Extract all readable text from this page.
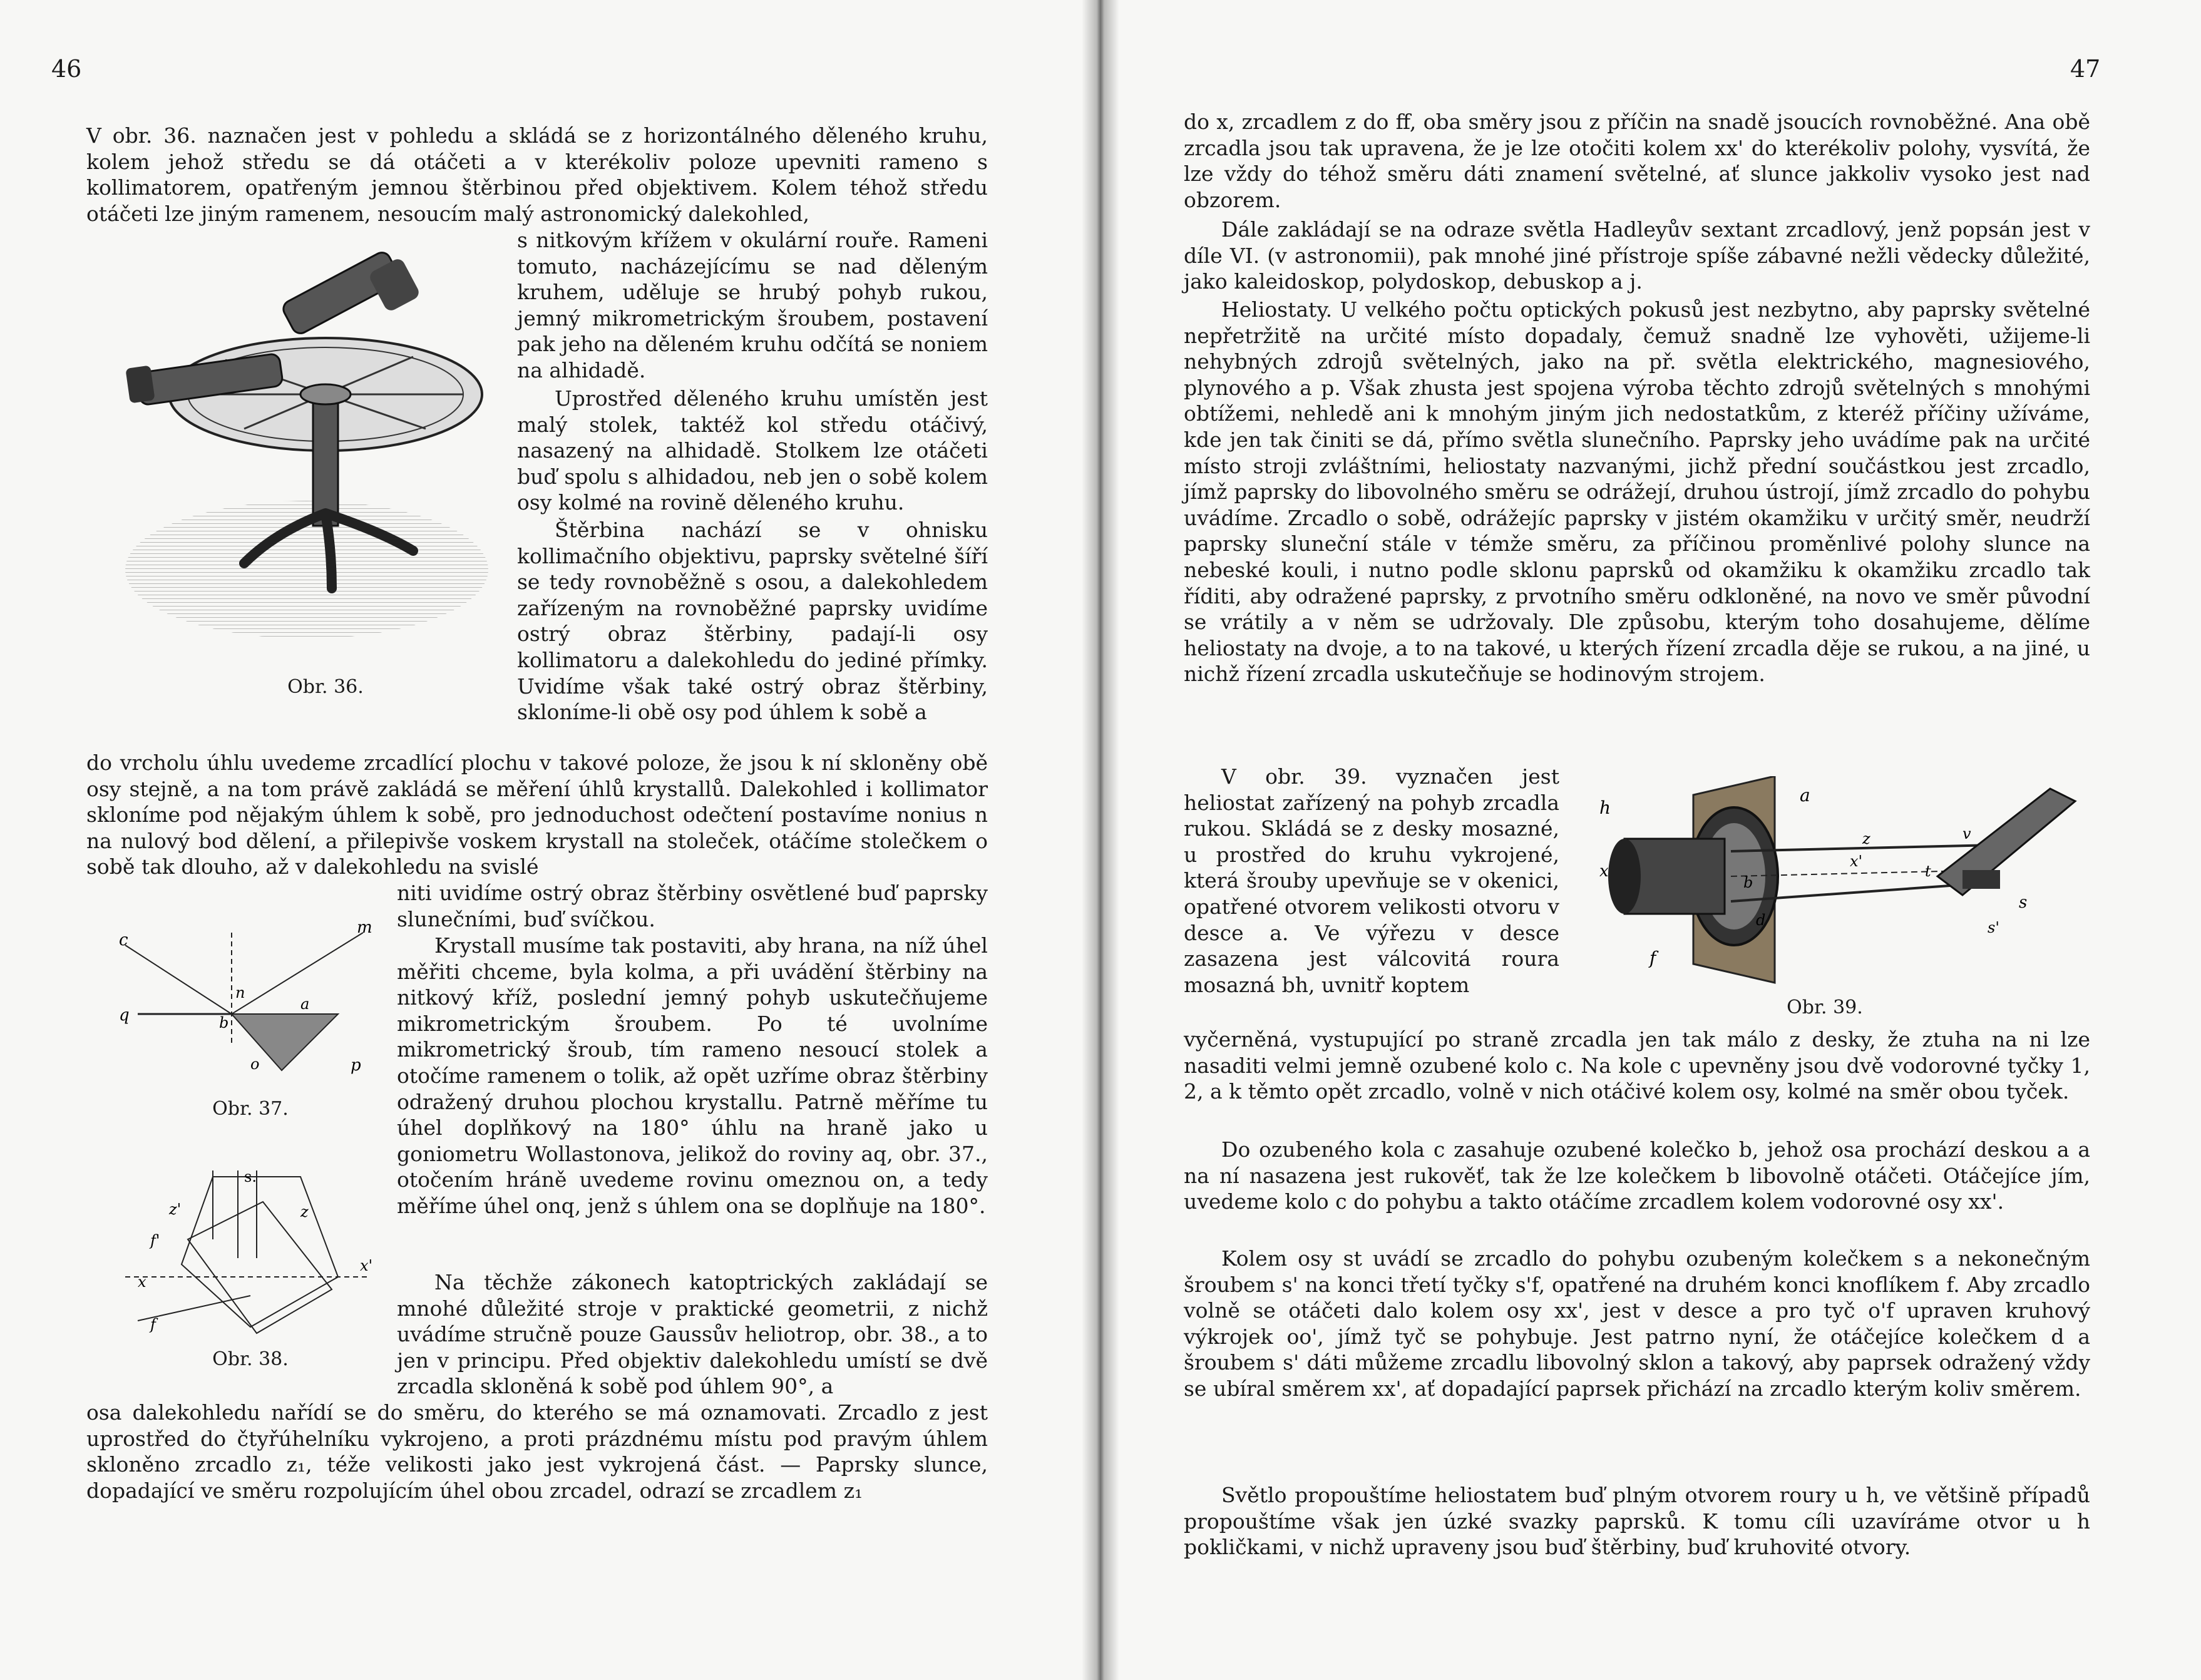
46
V obr. 36. naznačen jest v pohledu a skládá se z horizontálného děleného kruhu, kolem jehož středu se dá otáčeti a v kterékoliv poloze upevniti rameno s kollimatorem, opatřeným jemnou štěrbinou před objektivem. Kolem téhož středu otáčeti lze jiným ramenem, nesoucím malý astronomický dalekohled,
s nitkovým křížem v okulární rouře. Rameni tomuto, nacházejícímu se nad děleným kruhem, uděluje se hrubý pohyb rukou, jemný mikrometrickým šroubem, postavení pak jeho na děleném kruhu odčítá se noniem na alhidadě.
Uprostřed děleného kruhu umístěn jest malý stolek, taktéž kol středu otáčivý, nasazený na alhidadě. Stolkem lze otáčeti buď spolu s alhidadou, neb jen o sobě kolem osy kolmé na rovině děleného kruhu.
Štěrbina nachází se v ohnisku kollimačního objektivu, paprsky světelné šíří se tedy rovnoběžně s osou, a dalekohledem zařízeným na rovnoběžné paprsky uvidíme ostrý obraz štěrbiny, padají-li osy kollimatoru a dalekohledu do jediné přímky. Uvidíme však také ostrý obraz štěrbiny, skloníme-li obě osy pod úhlem k sobě a
do vrcholu úhlu uvedeme zrcadlící plochu v takové poloze, že jsou k ní skloněny obě osy stejně, a na tom právě zakládá se měření úhlů krystallů. Dalekohled i kollimator skloníme pod nějakým úhlem k sobě, pro jednoduchost odečtení postavíme nonius n na nulový bod dělení, a přilepivše voskem krystall na stoleček, otáčíme stolečkem o sobě tak dlouho, až v dalekohledu na svislé
niti uvidíme ostrý obraz štěrbiny osvětlené buď paprsky slunečními, buď svíčkou.
Krystall musíme tak postaviti, aby hrana, na níž úhel měřiti chceme, byla kolma, a při uvádění štěrbiny na nitkový kříž, poslední jemný pohyb uskutečňujeme mikrometrickým šroubem. Po té uvolníme mikrometrický šroub, tím rameno nesoucí stolek a otočíme ramenem o tolik, až opět uzříme obraz štěrbiny odražený druhou plochou krystallu. Patrně měříme tu úhel doplňkový na 180° úhlu na hraně jako u goniometru Wollastonova, jelikož do roviny aq, obr. 37., otočením hráně uvedeme rovinu omeznou on, a tedy měříme úhel onq, jenž s úhlem ona se doplňuje na 180°.
Na těchže zákonech katoptrických zakládají se mnohé důležité stroje v praktické geometrii, z nichž uvádíme stručně pouze Gaussův heliotrop, obr. 38., a to jen v principu. Před objektiv dalekohledu umístí se dvě zrcadla skloněná k sobě pod úhlem 90°, a
osa dalekohledu nařídí se do směru, do kterého se má oznamovati. Zrcadlo z jest uprostřed do čtyřúhelníku vykrojeno, a proti prázdnému místu pod pravým úhlem skloněno zrcadlo z₁, téže velikosti jako jest vykrojená část. — Paprsky slunce, dopadající ve směru rozpolujícím úhel obou zrcadel, odrazí se zrcadlem z₁
Obr. 36.
c
m
n
q	b
a
o	p
Obr. 37.
s.
z
z'
f'
x
x'
f
Obr. 38.
47
do x, zrcadlem z do ff, oba směry jsou z příčin na snadě jsoucích rovnoběžné. Ana obě zrcadla jsou tak upravena, že je lze otočiti kolem xx' do kterékoliv polohy, vysvítá, že lze vždy do téhož směru dáti znamení světelné, ať slunce jakkoliv vysoko jest nad obzorem.
Dále zakládají se na odraze světla Hadleyův sextant zrcadlový, jenž popsán jest v díle VI. (v astronomii), pak mnohé jiné přístroje spíše zábavné nežli vědecky důležité, jako kaleidoskop, polydoskop, debuskop a j.
Heliostaty. U velkého počtu optických pokusů jest nezbytno, aby paprsky světelné nepřetržitě na určité místo dopadaly, čemuž snadně lze vyhověti, užijeme-li nehybných zdrojů světelných, jako na př. světla elektrického, magnesiového, plynového a p. Však zhusta jest spojena výroba těchto zdrojů světelných s mnohými obtížemi, nehledě ani k mnohým jiným jich nedostatkům, z kteréž příčiny užíváme, kde jen tak činiti se dá, přímo světla slunečního. Paprsky jeho uvádíme pak na určité místo stroji zvláštními, heliostaty nazvanými, jichž přední součástkou jest zrcadlo, jímž paprsky do libovolného směru se odrážejí, druhou ústrojí, jímž zrcadlo do pohybu uvádíme. Zrcadlo o sobě, odrážejíc paprsky v jistém okamžiku v určitý směr, neudrží paprsky sluneční stále v témže směru, za příčinou proměnlivé polohy slunce na nebeské kouli, i nutno podle sklonu paprsků od okamžiku k okamžiku zrcadlo tak říditi, aby odražené paprsky, z prvotního směru odkloněné, na novo ve směr původní se vrátily a v něm se udržovaly. Dle způsobu, kterým toho dosahujeme, dělíme heliostaty na dvoje, a to na takové, u kterých řízení zrcadla děje se rukou, a na jiné, u nichž řízení zrcadla uskutečňuje se hodinovým strojem.
V obr. 39. vyznačen jest heliostat zařízený na pohyb zrcadla rukou. Skládá se z desky mosazné, u prostřed do kruhu vykrojené, která šrouby upevňuje se v okenici, opatřené otvorem velikosti otvoru v desce a. Ve výřezu v desce zasazena jest válcovitá roura mosazná bh, uvnitř koptem
vyčerněná, vystupující po straně zrcadla jen tak málo z desky, že ztuha na ni lze nasaditi velmi jemně ozubené kolo c. Na kole c upevněny jsou dvě vodorovné tyčky 1, 2, a k těmto opět zrcadlo, volně v nich otáčivé kolem osy, kolmé na směr obou tyček.
Do ozubeného kola c zasahuje ozubené kolečko b, jehož osa prochází deskou a a na ní nasazena jest rukověť, tak že lze kolečkem b libovolně otáčeti. Otáčejíce jím, uvedeme kolo c do pohybu a takto otáčíme zrcadlem kolem vodorovné osy xx'.
Kolem osy st uvádí se zrcadlo do pohybu ozubeným kolečkem s a nekonečným šroubem s' na konci třetí tyčky s'f, opatřené na druhém konci knoflíkem f. Aby zrcadlo volně se otáčeti dalo kolem osy xx', jest v desce a pro tyč o'f upraven kruhový výkrojek oo', jímž tyč se pohybuje. Jest patrno nyní, že otáčejíce kolečkem d a šroubem s' dáti můžeme zrcadlu libovolný sklon a takový, aby paprsek odražený vždy se ubíral směrem xx', ať dopadající paprsek přichází na zrcadlo kterým koliv směrem.
Světlo propouštíme heliostatem buď plným otvorem roury u h, ve většině případů propouštíme však jen úzké svazky paprsků. K tomu cíli uzavíráme otvor u h pokličkami, v nichž upraveny jsou buď štěrbiny, buď kruhovité otvory.
h
a
z	v
x
x'
b
d
t
s
s'
f
Obr. 39.
